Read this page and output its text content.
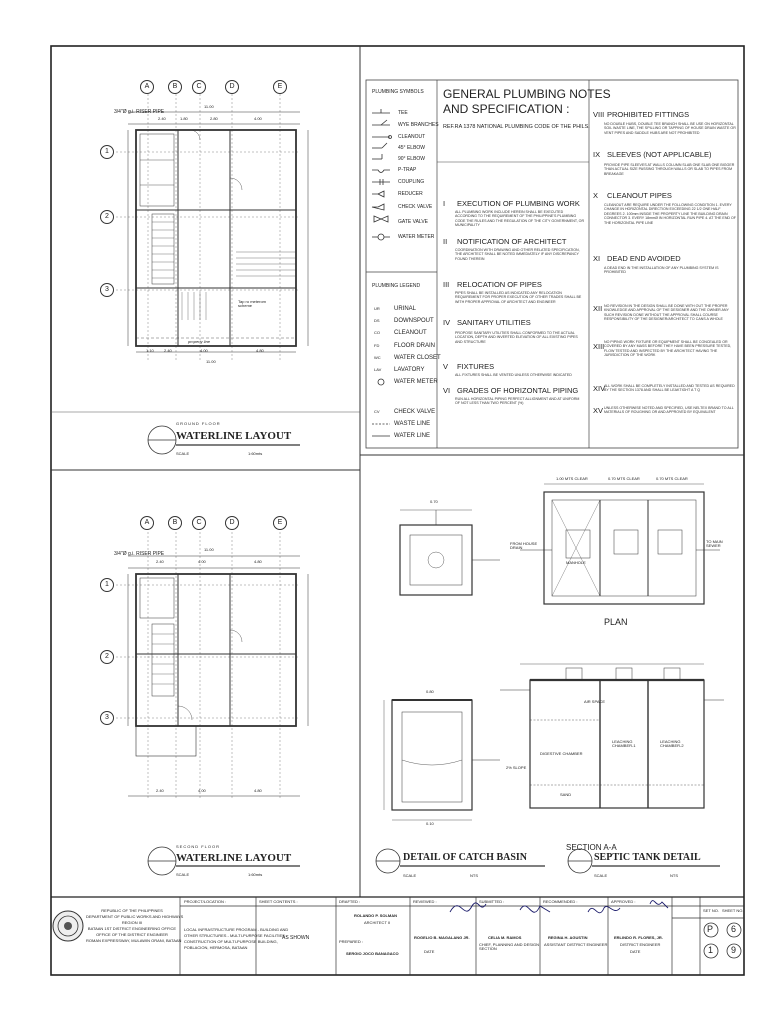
A	B	C	D	E
1
2
3
A	B	C	D	E
1
2
3
3/4"Ø g.i. RISER PIPE
11.00
2.40	1.80	2.80	4.00
1.10	2.40	4.00	4.80
11.00
property line
Tap ro meterom scheme
GROUND FLOOR
WATERLINE LAYOUT
SCALE	1:60mts
3/4"Ø g.i. RISER PIPE
11.00
2.40	4.00	4.80
2.40	4.00	4.80
SECOND FLOOR
WATERLINE LAYOUT
SCALE	1:60mts
PLUMBING SYMBOLS
TEE
WYE BRANCHES
CLEANOUT
45° ELBOW
90° ELBOW
P-TRAP
COUPLING
REDUCER
CHECK VALVE
GATE VALVE
WATER METER
PLUMBING LEGEND
UR URINAL
DS DOWNSPOUT
CO CLEANOUT
FD FLOOR DRAIN
WC WATER CLOSET
LAV LAVATORY
WATER METER
CV CHECK VALVE
WASTE LINE
WATER LINE
GENERAL PLUMBING NOTES
AND SPECIFICATION :
REF.RA 1378 NATIONAL PLUMBING CODE OF THE PHILS.
I EXECUTION OF PLUMBING WORK
ALL PLUMBING WORK INCLUDE HEREIN SHALL BE EXECUTED ACCORDING TO THE REQUIREMENT OF THE PHILIPPINE'S PLUMBING CODE THE RULES AND THE REGULATION OF THE CITY GOVERNMENT, OR MUNICIPALITY
II NOTIFICATION OF ARCHITECT
COORDINATION WITH DRAWING AND OTHER RELATED SPECIFICATION, THE ARCHITECT SHALL BE NOTED IMMEDIATELY IF ANY DISCREPANCY FOUND THEREIN
III RELOCATION OF PIPES
PIPES SHALL BE INSTALLED AS INDICATED ANY RELOCATION REQUIREMENT FOR PROPER EXECUTION OF OTHER TRADES SHALL BE WITH PROPER APPROVAL OF ARCHITECT AND ENGINEER
IV SANITARY UTILITIES
PROPOSE SANITARY UTILITIES SHALL CONFORMED TO THE ACTUAL LOCATION, DEPTH AND INVERTED ELEVATION OF ALL EXISTING PIPES AND STRUCTURE
V FIXTURES
ALL FIXTURES SHALL BE VENTED UNLESS OTHERWISE INDICATED
VI GRADES OF HORIZONTAL PIPING
RUN ALL HORIZONTAL PIPING PERFECT ALLIGNMENT AND AT UNIFORM OF NOT LESS THAN TWO PERCENT (%)
VIII PROHIBITED FITTINGS
NO DOUBLE HUBS, DOUBLE TEE BRANCH SHALL BE USE ON HORIZONTAL SOIL WASTE LINE, THE SPILLING OR TAPPING OF HOUSE DRAIN WASTE OR VENT PIPES AND SADDLE HUBS ARE NOT PROHIBITED
IX SLEEVES (NOT APPLICABLE)
PROVIDE PIPE SLEEVES AT WALLS COLUMN SLAB ONE SLAB ONE BIGGER THAN ACTUAL SIZE PASSING THROUGH WALLS OR SLAB TO PIPES FROM BREAKAGE
X CLEANOUT PIPES
CLEANOUT ARE REQUIRE UNDER THE FOLLOWING CONDITION 1. EVERY CHANGE IN HORIZONTAL DIRECTION EXCEEDING 22 1/2 ONE HALF DEGREES 2. 100mm INSIDE THE PROPERTY LINE THE BUILDING DRAIN CONNECTOR 3. EVERY 18mmØ IN HORIZONTAL RUN PIPE 4. AT THE END OF THE HORIZONTAL PIPE LINE
XI DEAD END AVOIDED
A DEAD END IN THE INSTALLATION OF ANY PLUMBING SYSTEM IS PROHIBITED
XII NO REVISION IN THE DESIGN SHALL BE DONE WITH OUT THE PROPER KNOWLEDGE AND APPROVAL OF THE DESIGNER AND THE OWNER ANY SUCH REVISION DONE WITHOUT THE APPROVAL SHALL COURSE RESPONSIBILITY OF THE DESIGNER/ARCHITECT TO CANS A WHOLE
XIII NO PIPING WORK FIXTURE OR EQUIPMENT SHALL BE CONCEALED OR COVERED BY ANY MASS BEFORE THEY HAVE BEEN PRESSURE TESTED, FLOW TESTED AND INSPECTED BY THE ARCHITECT HAVING THE JURISDICTION OF THE WORK
XIV
ALL WORK SHALL BE COMPLETELY INSTALLED AND TESTED AS REQUIRED BY THE SECTION 1378 AND SHALL BE LEAKTIGHT A T Q
XV UNLESS OTHERWISE NOTED AND SPECIFIED, USE NELTEX BRAND TO ALL MATERIALS OF ROUGHING OR AND APPROVED BY EQUIVALENT
0.70
0.80
0.10
DETAIL OF CATCH BASIN
SCALE	NTS
1.00 MTS CLEAR	0.70 MTS CLEAR	0.70 MTS CLEAR
MANHOLE
FROM HOUSE DRAIN
TO MAIN SEWER
PLAN
DIGESTIVE CHAMBER
LEACHING CHAMBER-1
LEACHING CHAMBER-2
SAND
AIR SPACE
2% SLOPE
SECTION A-A
SEPTIC TANK DETAIL
SCALE	NTS
REPUBLIC OF THE PHILIPPINES
DEPARTMENT OF PUBLIC WORKS AND HIGHWAYS
REGION III
BATAAN 1ST DISTRICT ENGINEERING OFFICE
OFFICE OF THE DISTRICT ENGINEER
ROMAN EXPRESSWAY, MULAWIN ORANI, BATAAN
PROJECT/LOCATION :
LOCAL INFRASTRUCTURE PROGRAM - BUILDING AND
OTHER STRUCTURES - MULTI-PURPOSE FACILITIES -
CONSTRUCTION OF MULTI-PURPOSE BUILDING,
POBLACION, HERMOSA, BATAAN
SHEET CONTENTS :
AS SHOWN
DRAFTED :
ROLANDO P. SOLMAN
ARCHITECT II
PREPARED :
SERGIO JOCO BANAGACO
REVIEWED :
ROGELIO B. MAGALANG JR.
DATE
SUBMITTED :
CELIA M. RAMOS
CHIEF, PLANNING AND DESIGN SECTION
RECOMMENDED :
REGINA H. AGUSTIN
ASSISTANT DISTRICT ENGINEER
APPROVED :
ERLINDO R. FLORES, JR.
DISTRICT ENGINEER
DATE
SET NO. SHEET NO.
P 6
1 9
